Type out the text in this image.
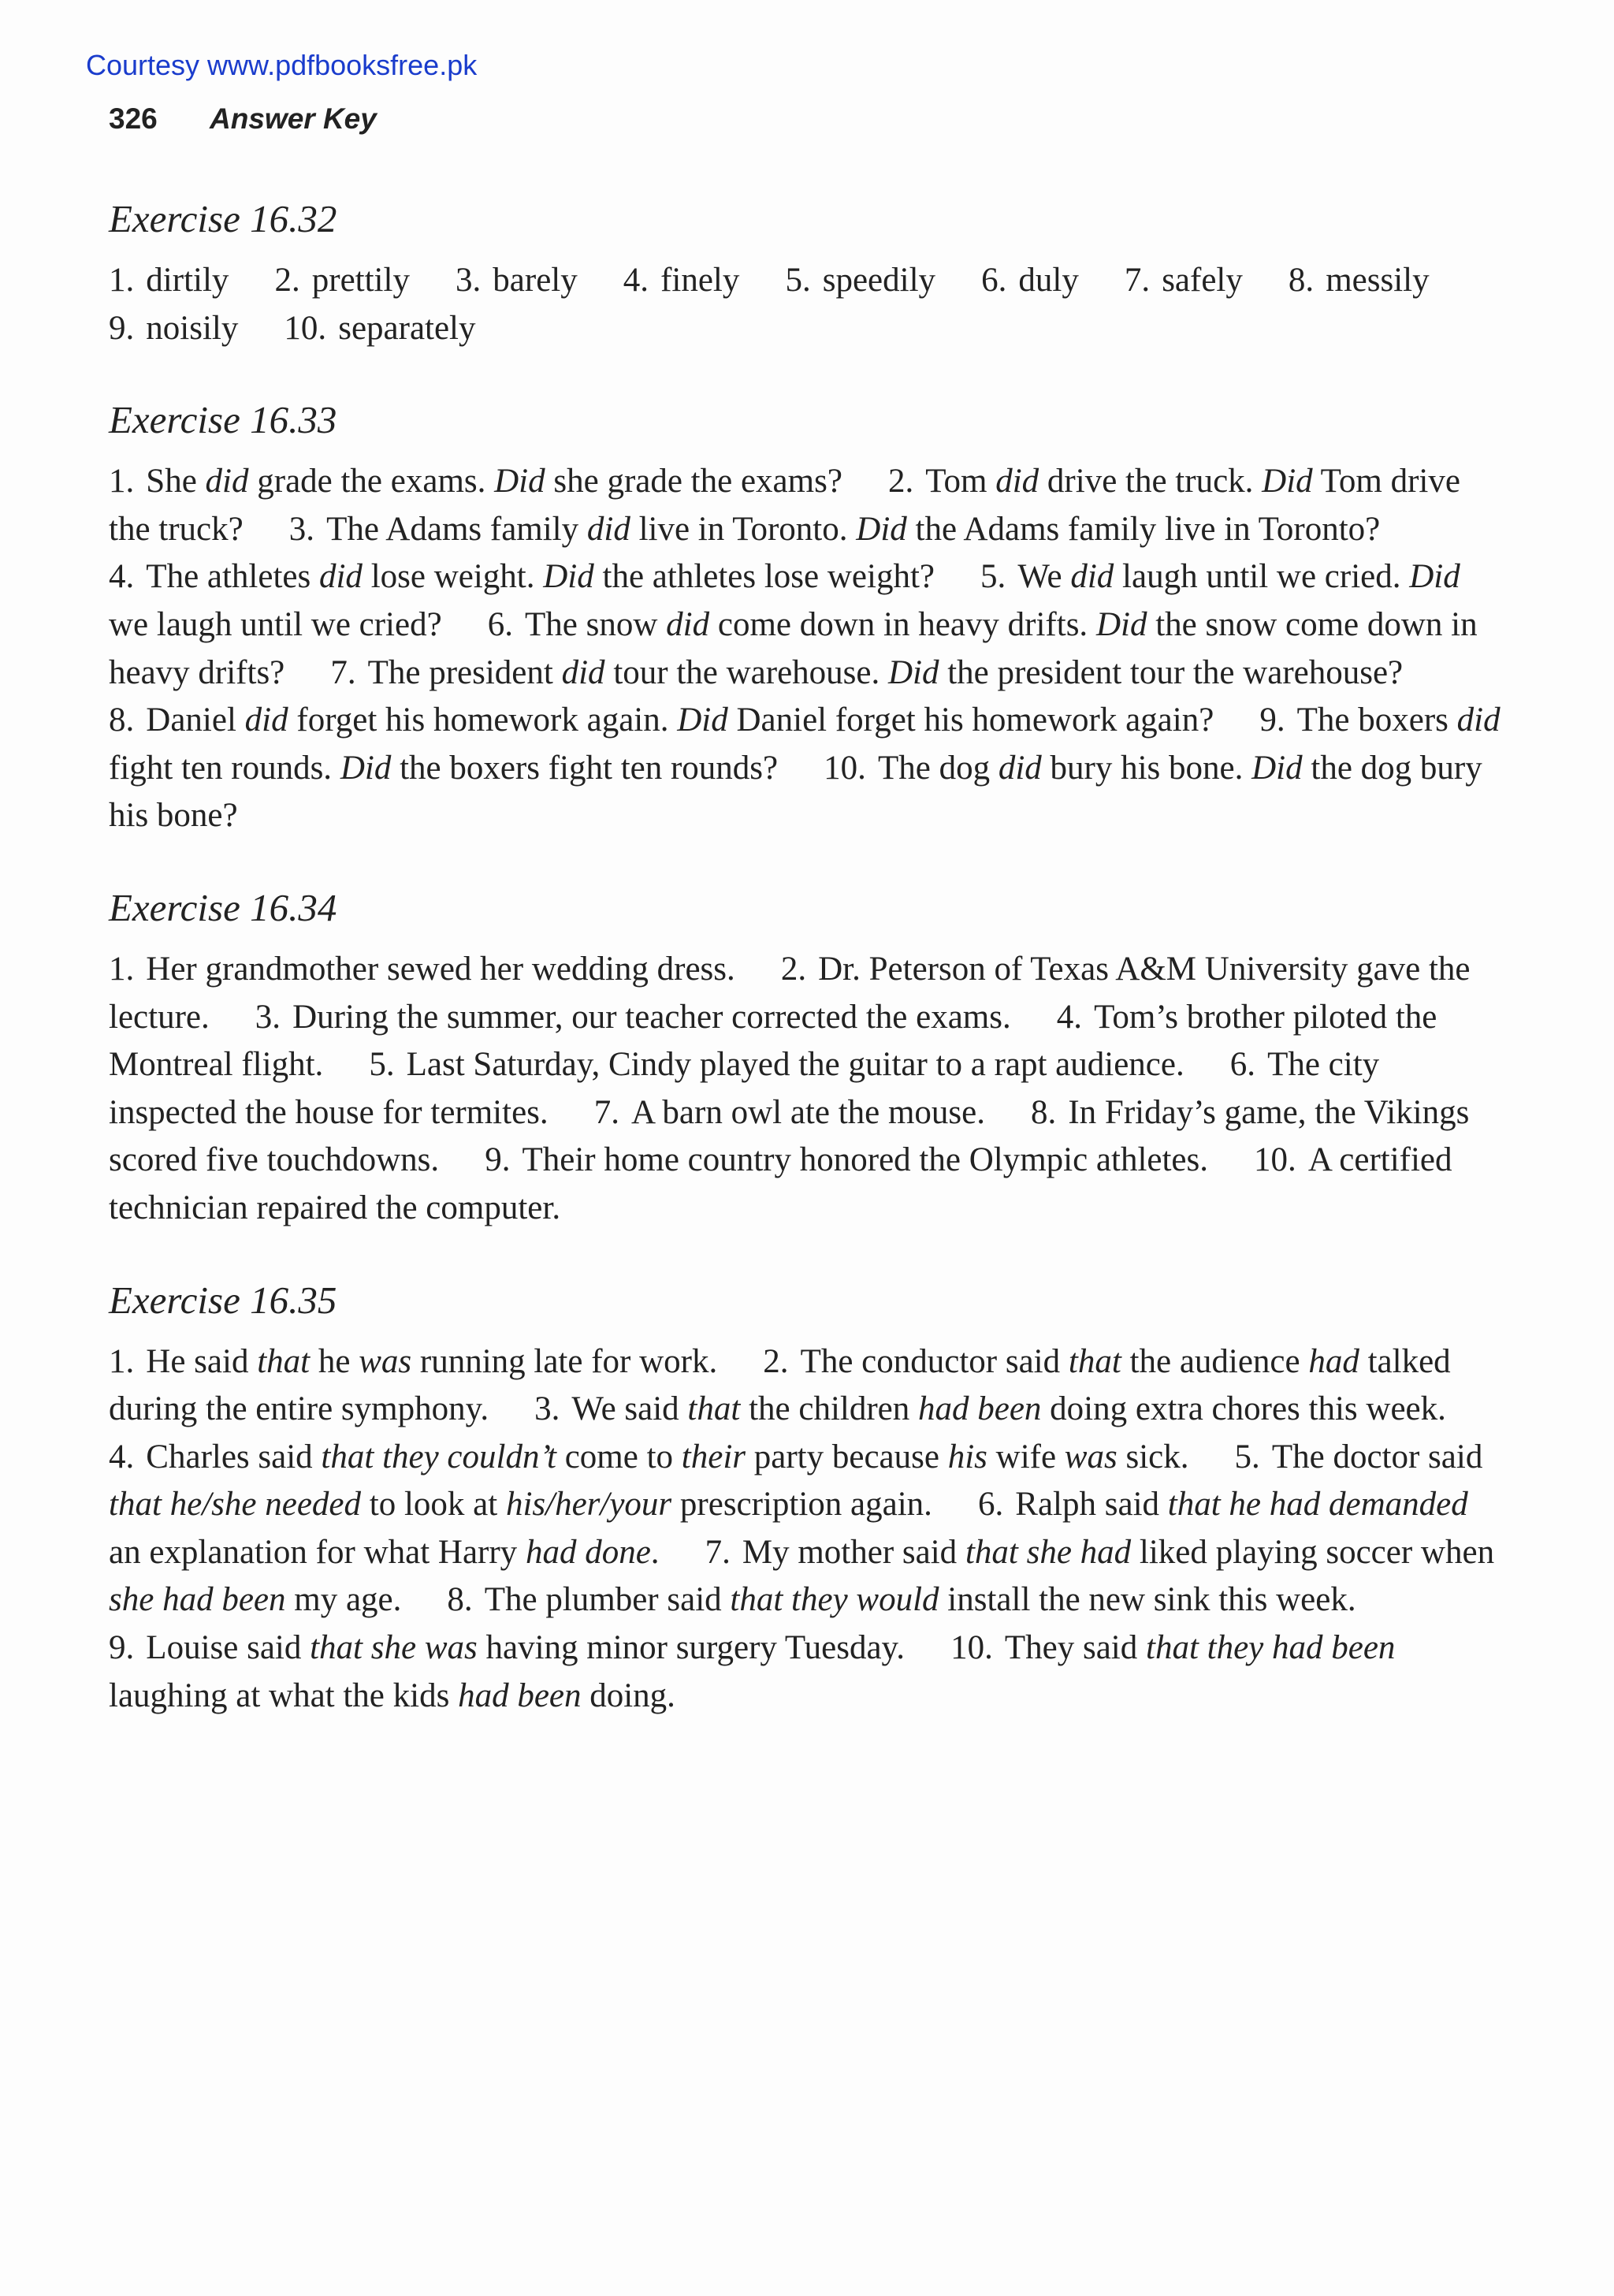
Courtesy www.pdfbooksfree.pk
326 Answer Key
Exercise 16.32

1. dirtily 2. prettily 3. barely 4. finely 5. speedily 6. duly 7. safely 8. messily 9. noisily 10. separately

Exercise 16.33

1. She did grade the exams. Did she grade the exams? 2. Tom did drive the truck. Did Tom drive the truck? 3. The Adams family did live in Toronto. Did the Adams family live in Toronto? 4. The athletes did lose weight. Did the athletes lose weight? 5. We did laugh until we cried. Did we laugh until we cried? 6. The snow did come down in heavy drifts. Did the snow come down in heavy drifts? 7. The president did tour the warehouse. Did the president tour the warehouse? 8. Daniel did forget his homework again. Did Daniel forget his homework again? 9. The boxers did fight ten rounds. Did the boxers fight ten rounds? 10. The dog did bury his bone. Did the dog bury his bone?

Exercise 16.34

1. Her grandmother sewed her wedding dress. 2. Dr. Peterson of Texas A&M University gave the lecture. 3. During the summer, our teacher corrected the exams. 4. Tom’s brother piloted the Montreal flight. 5. Last Saturday, Cindy played the guitar to a rapt audience. 6. The city inspected the house for termites. 7. A barn owl ate the mouse. 8. In Friday’s game, the Vikings scored five touchdowns. 9. Their home country honored the Olympic athletes. 10. A certified technician repaired the computer.

Exercise 16.35

1. He said that he was running late for work. 2. The conductor said that the audience had talked during the entire symphony. 3. We said that the children had been doing extra chores this week. 4. Charles said that they couldn’t come to their party because his wife was sick. 5. The doctor said that he/she needed to look at his/her/your prescription again. 6. Ralph said that he had demanded an explanation for what Harry had done. 7. My mother said that she had liked playing soccer when she had been my age. 8. The plumber said that they would install the new sink this week. 9. Louise said that she was having minor surgery Tuesday. 10. They said that they had been laughing at what the kids had been doing.
